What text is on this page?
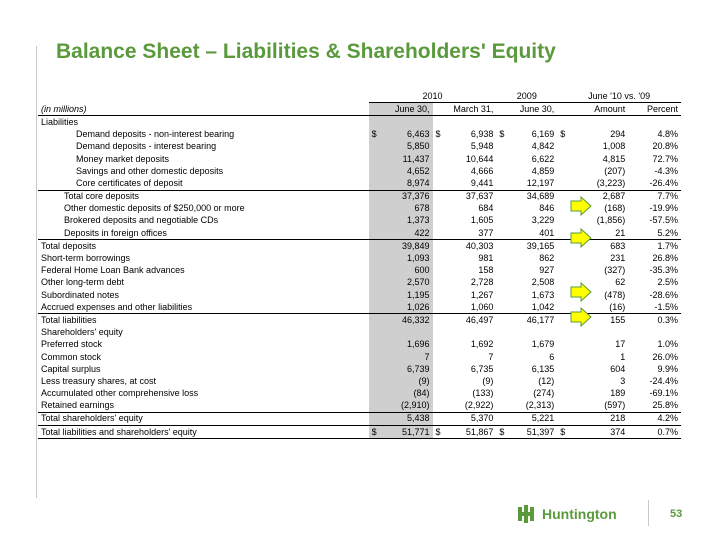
Balance Sheet – Liabilities & Shareholders' Equity
	2010		2009	June '10 vs. '09	
(in millions)	June 30,	March 31,	June 30,	Amount	Percent
Liabilities					
Demand deposits - non-interest bearing	$ 6,463	$ 6,938	$ 6,169	$ 294	4.8%
Demand deposits - interest bearing	5,850	5,948	4,842	1,008	20.8%
Money market deposits	11,437	10,644	6,622	4,815	72.7%
Savings and other domestic deposits	4,652	4,666	4,859	(207)	-4.3%
Core certificates of deposit	8,974	9,441	12,197	(3,223)	-26.4%
Total core deposits	37,376	37,637	34,689	2,687	7.7%
Other domestic deposits of $250,000 or more	678	684	846	(168)	-19.9%
Brokered deposits and negotiable CDs	1,373	1,605	3,229	(1,856)	-57.5%
Deposits in foreign offices	422	377	401	21	5.2%
Total deposits	39,849	40,303	39,165	683	1.7%
Short-term borrowings	1,093	981	862	231	26.8%
Federal Home Loan Bank advances	600	158	927	(327)	-35.3%
Other long-term debt	2,570	2,728	2,508	62	2.5%
Subordinated notes	1,195	1,267	1,673	(478)	-28.6%
Accrued expenses and other liabilities	1,026	1,060	1,042	(16)	-1.5%
Total liabilities	46,332	46,497	46,177	155	0.3%
Shareholders' equity					
Preferred stock	1,696	1,692	1,679	17	1.0%
Common stock	7	7	6	1	26.0%
Capital surplus	6,739	6,735	6,135	604	9.9%
Less treasury shares, at cost	(9)	(9)	(12)	3	-24.4%
Accumulated other comprehensive loss	(84)	(133)	(274)	189	-69.1%
Retained earnings	(2,910)	(2,922)	(2,313)	(597)	25.8%
Total shareholders' equity	5,438	5,370	5,221	218	4.2%
Total liabilities and shareholders' equity	$ 51,771	$ 51,867	$ 51,397	$ 374	0.7%
Huntington	53
